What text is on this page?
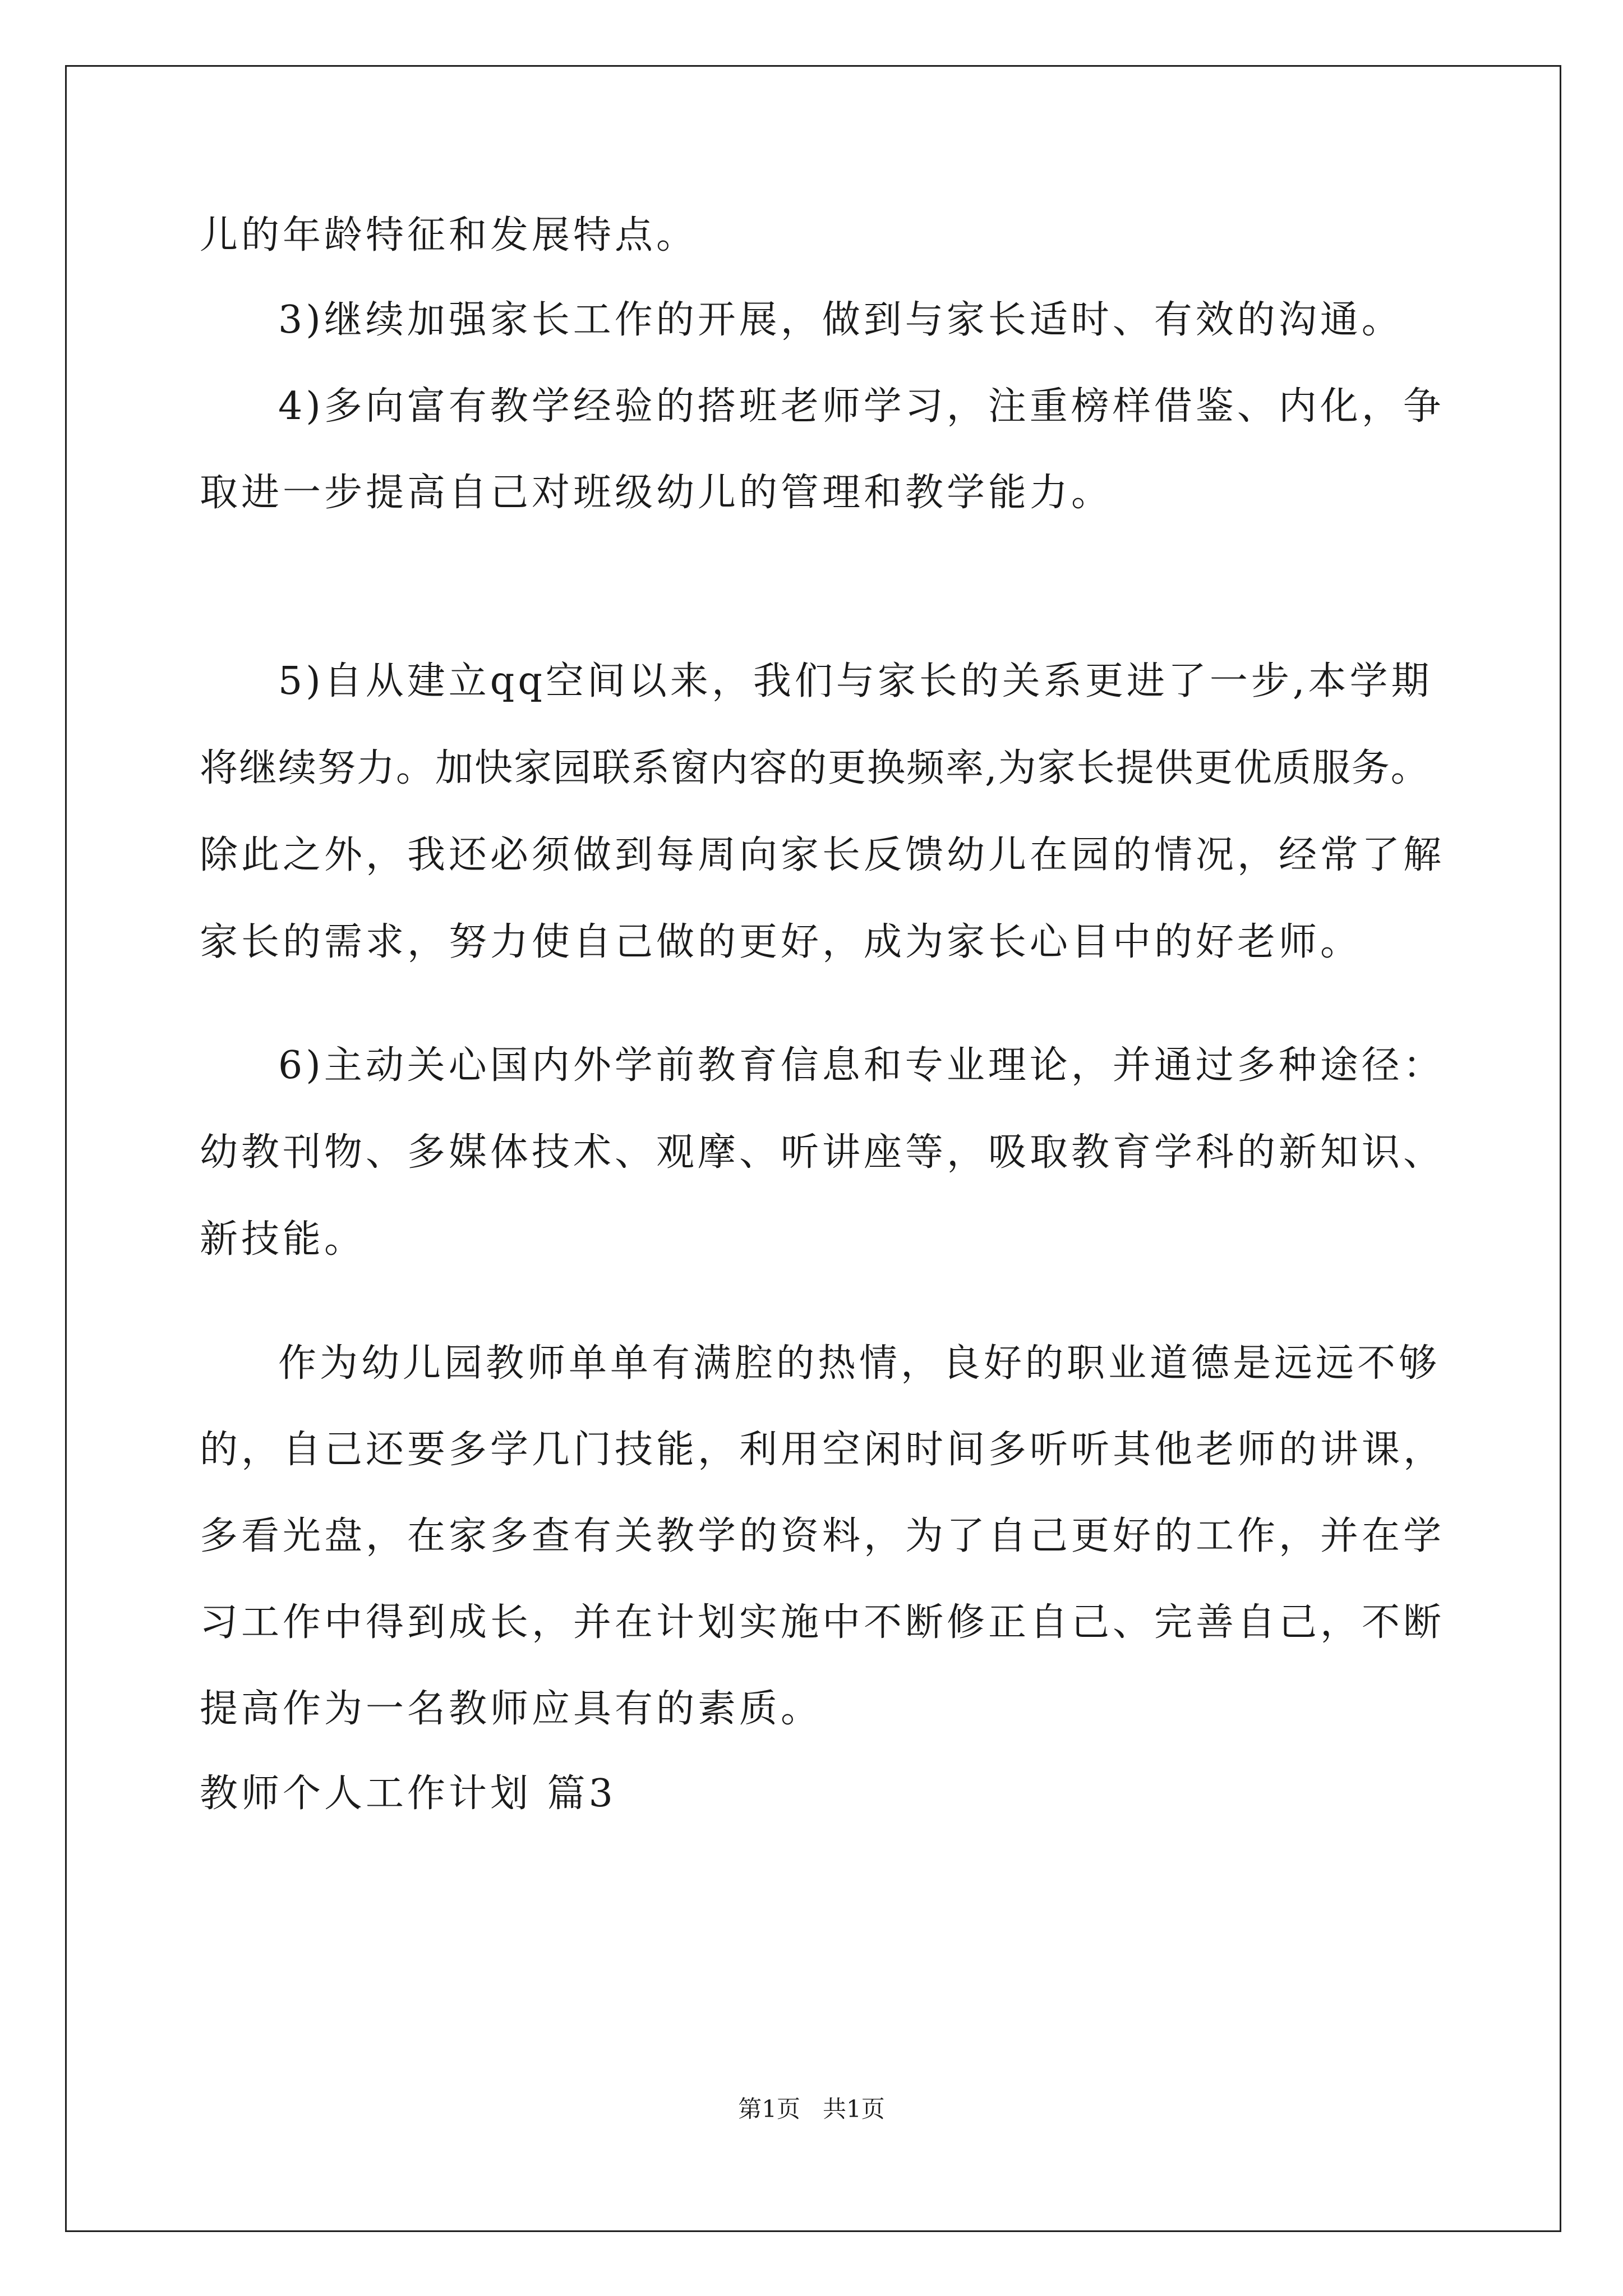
儿的年龄特征和发展特点。
3)继续加强家长工作的开展，做到与家长适时、有效的沟通。
4)多向富有教学经验的搭班老师学习，注重榜样借鉴、内化，争
取进一步提高自己对班级幼儿的管理和教学能力。
5)自从建立qq空间以来，我们与家长的关系更进了一步,本学期
将继续努力。加快家园联系窗内容的更换频率,为家长提供更优质服务。
除此之外，我还必须做到每周向家长反馈幼儿在园的情况，经常了解
家长的需求，努力使自己做的更好，成为家长心目中的好老师。
6)主动关心国内外学前教育信息和专业理论，并通过多种途径：
幼教刊物、多媒体技术、观摩、听讲座等，吸取教育学科的新知识、
新技能。
作为幼儿园教师单单有满腔的热情，良好的职业道德是远远不够
的，自己还要多学几门技能，利用空闲时间多听听其他老师的讲课，
多看光盘，在家多查有关教学的资料，为了自己更好的工作，并在学
习工作中得到成长，并在计划实施中不断修正自己、完善自己，不断
提高作为一名教师应具有的素质。
教师个人工作计划 篇3
第1页   共1页
